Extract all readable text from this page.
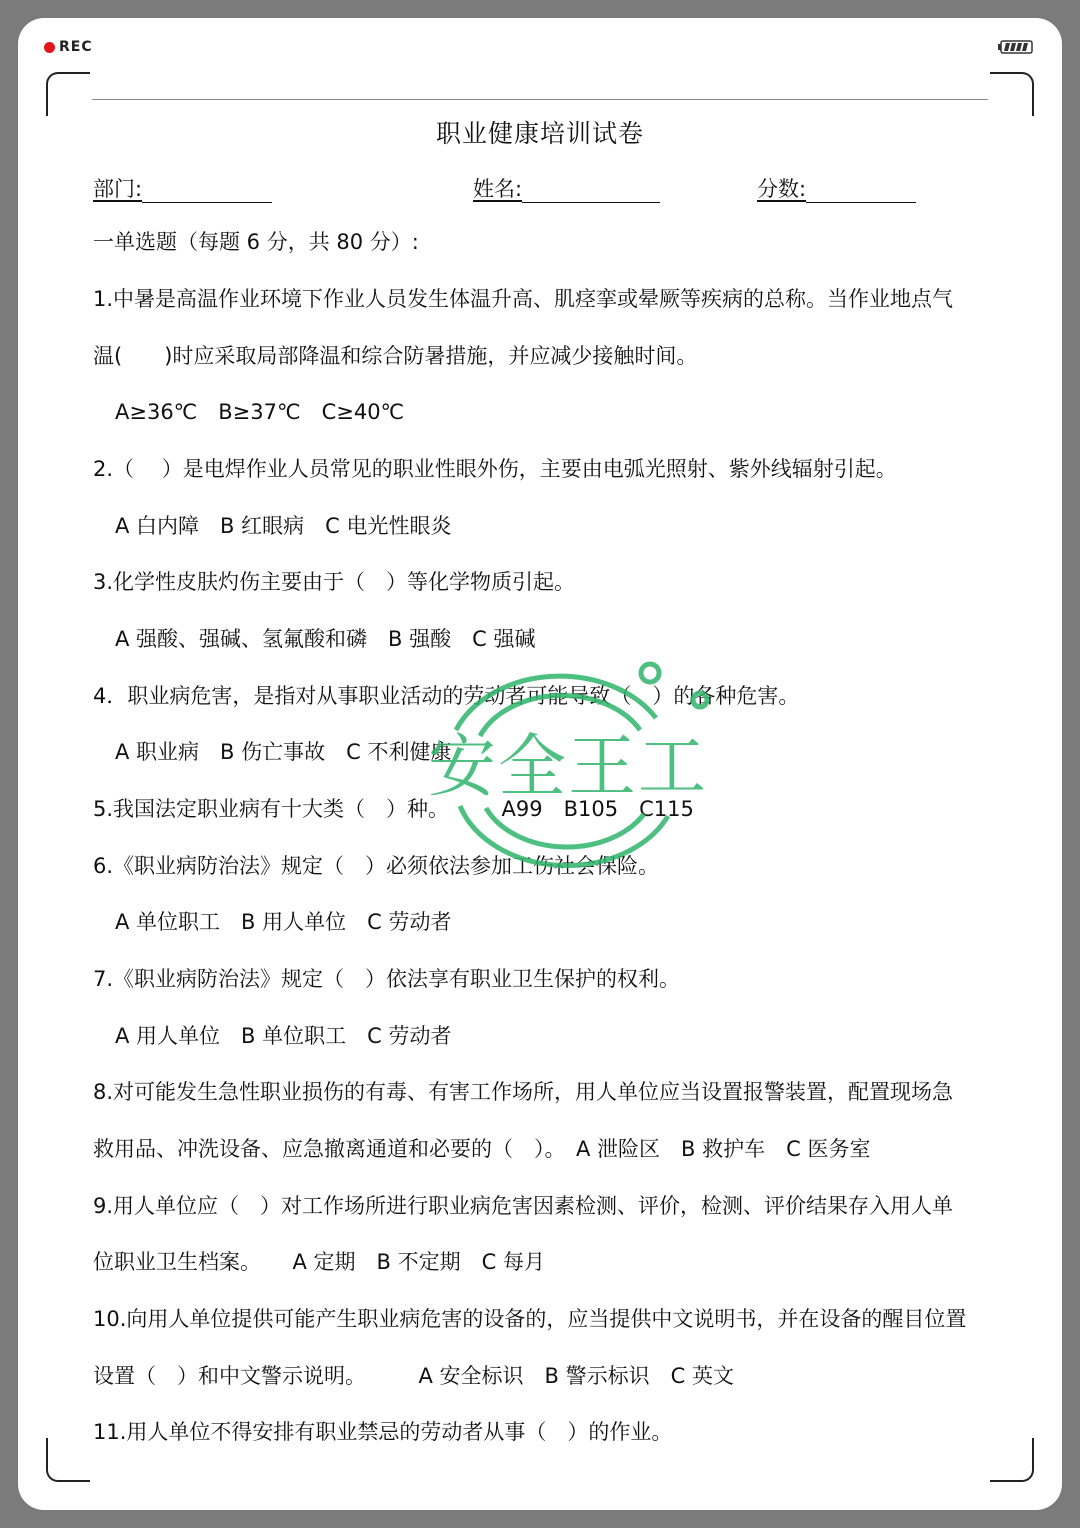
REC
职业健康培训试卷
部门:	姓名:	分数:
一单选题（每题 6 分，共 80 分）:
1.中暑是高温作业环境下作业人员发生体温升高、肌痉挛或晕厥等疾病的总称。当作业地点气
温(　　)时应采取局部降温和综合防暑措施，并应减少接触时间。
A≥36℃　B≥37℃　C≥40℃
2.（　 ）是电焊作业人员常见的职业性眼外伤，主要由电弧光照射、紫外线辐射引起。
A 白内障　B 红眼病　C 电光性眼炎
3.化学性皮肤灼伤主要由于（　）等化学物质引起。
A 强酸、强碱、氢氟酸和磷　B 强酸　C 强碱
4．职业病危害，是指对从事职业活动的劳动者可能导致（　）的各种危害。
A 职业病　B 伤亡事故　C 不利健康
5.我国法定职业病有十大类（　）种。　　　A99　B105　C115
6.《职业病防治法》规定（　）必须依法参加工伤社会保险。
A 单位职工　B 用人单位　C 劳动者
7.《职业病防治法》规定（　）依法享有职业卫生保护的权利。
A 用人单位　B 单位职工　C 劳动者
8.对可能发生急性职业损伤的有毒、有害工作场所，用人单位应当设置报警装置，配置现场急
救用品、冲洗设备、应急撤离通道和必要的（　）。　A 泄险区　B 救护车　C 医务室
9.用人单位应（　）对工作场所进行职业病危害因素检测、评价，检测、评价结果存入用人单
位职业卫生档案。　　A 定期　B 不定期　C 每月
10.向用人单位提供可能产生职业病危害的设备的，应当提供中文说明书，并在设备的醒目位置
设置（　）和中文警示说明。　　　A 安全标识　B 警示标识　C 英文
11.用人单位不得安排有职业禁忌的劳动者从事（　）的作业。
安全王工
